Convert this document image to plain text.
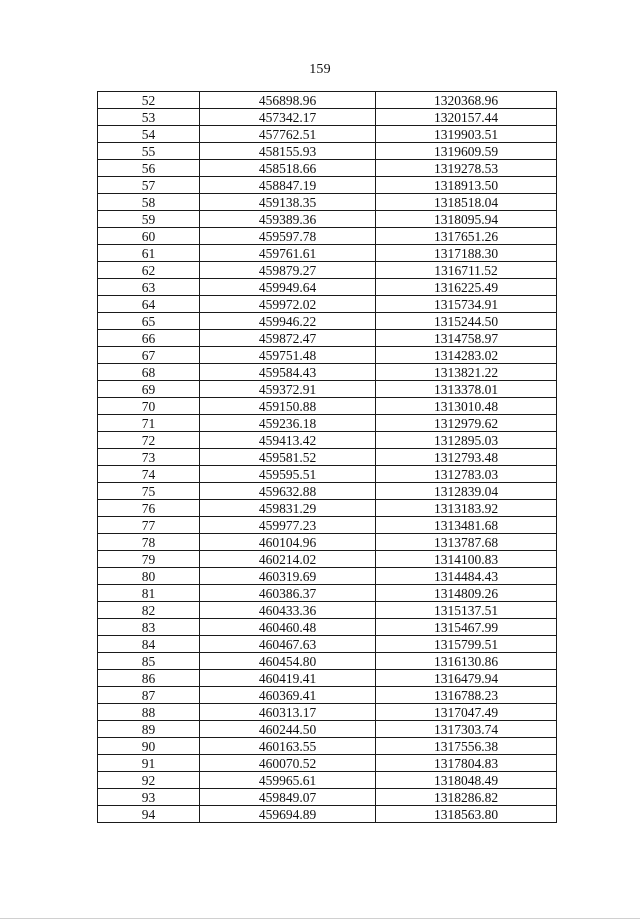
159
52	456898.96	1320368.96
53	457342.17	1320157.44
54	457762.51	1319903.51
55	458155.93	1319609.59
56	458518.66	1319278.53
57	458847.19	1318913.50
58	459138.35	1318518.04
59	459389.36	1318095.94
60	459597.78	1317651.26
61	459761.61	1317188.30
62	459879.27	1316711.52
63	459949.64	1316225.49
64	459972.02	1315734.91
65	459946.22	1315244.50
66	459872.47	1314758.97
67	459751.48	1314283.02
68	459584.43	1313821.22
69	459372.91	1313378.01
70	459150.88	1313010.48
71	459236.18	1312979.62
72	459413.42	1312895.03
73	459581.52	1312793.48
74	459595.51	1312783.03
75	459632.88	1312839.04
76	459831.29	1313183.92
77	459977.23	1313481.68
78	460104.96	1313787.68
79	460214.02	1314100.83
80	460319.69	1314484.43
81	460386.37	1314809.26
82	460433.36	1315137.51
83	460460.48	1315467.99
84	460467.63	1315799.51
85	460454.80	1316130.86
86	460419.41	1316479.94
87	460369.41	1316788.23
88	460313.17	1317047.49
89	460244.50	1317303.74
90	460163.55	1317556.38
91	460070.52	1317804.83
92	459965.61	1318048.49
93	459849.07	1318286.82
94	459694.89	1318563.80
